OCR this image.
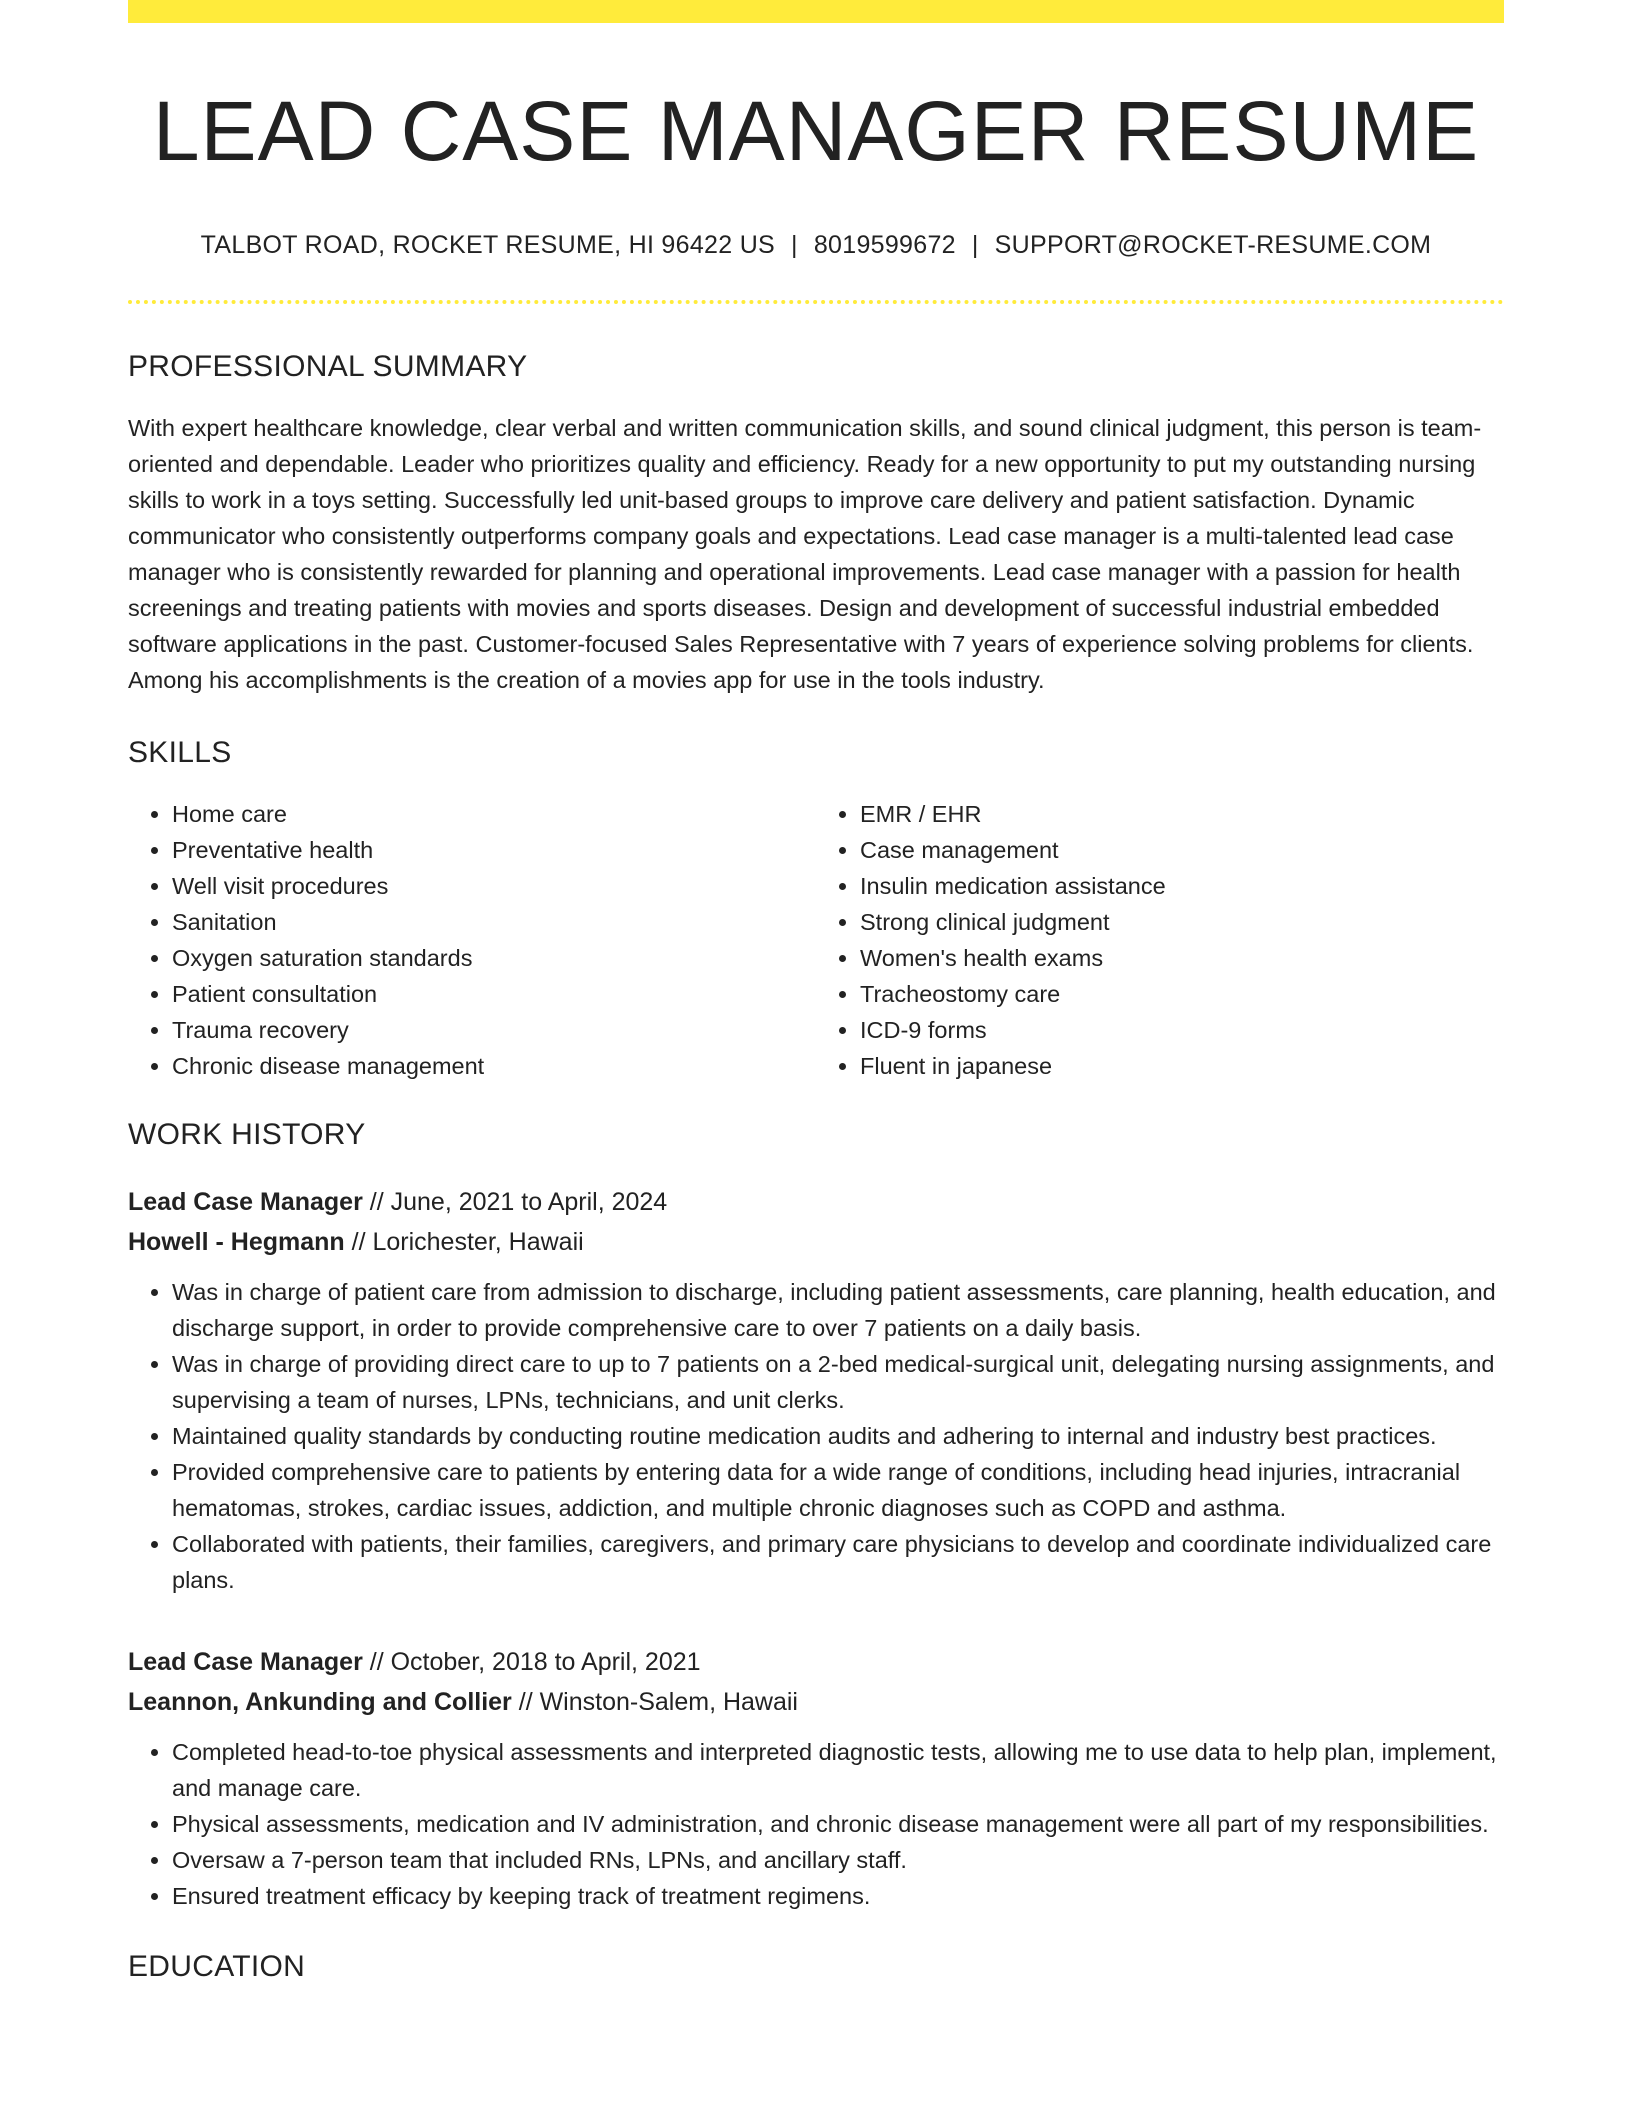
LEAD CASE MANAGER RESUME
TALBOT ROAD, ROCKET RESUME, HI 96422 US | 8019599672 | SUPPORT@ROCKET-RESUME.COM
PROFESSIONAL SUMMARY

With expert healthcare knowledge, clear verbal and written communication skills, and sound clinical judgment, this person is team-oriented and dependable. Leader who prioritizes quality and efficiency. Ready for a new opportunity to put my outstanding nursing skills to work in a toys setting. Successfully led unit-based groups to improve care delivery and patient satisfaction. Dynamic communicator who consistently outperforms company goals and expectations. Lead case manager is a multi-talented lead case manager who is consistently rewarded for planning and operational improvements. Lead case manager with a passion for health screenings and treating patients with movies and sports diseases. Design and development of successful industrial embedded software applications in the past. Customer-focused Sales Representative with 7 years of experience solving problems for clients. Among his accomplishments is the creation of a movies app for use in the tools industry.

SKILLS
• Home care
• Preventative health
• Well visit procedures
• Sanitation
• Oxygen saturation standards
• Patient consultation
• Trauma recovery
• Chronic disease management
• EMR / EHR
• Case management
• Insulin medication assistance
• Strong clinical judgment
• Women's health exams
• Tracheostomy care
• ICD-9 forms
• Fluent in japanese
WORK HISTORY

Lead Case Manager // June, 2021 to April, 2024

Howell - Hegmann // Lorichester, Hawaii

• Was in charge of patient care from admission to discharge, including patient assessments, care planning, health education, and discharge support, in order to provide comprehensive care to over 7 patients on a daily basis.
• Was in charge of providing direct care to up to 7 patients on a 2-bed medical-surgical unit, delegating nursing assignments, and supervising a team of nurses, LPNs, technicians, and unit clerks.
• Maintained quality standards by conducting routine medication audits and adhering to internal and industry best practices.
• Provided comprehensive care to patients by entering data for a wide range of conditions, including head injuries, intracranial hematomas, strokes, cardiac issues, addiction, and multiple chronic diagnoses such as COPD and asthma.
• Collaborated with patients, their families, caregivers, and primary care physicians to develop and coordinate individualized care plans.

Lead Case Manager // October, 2018 to April, 2021

Leannon, Ankunding and Collier // Winston-Salem, Hawaii

• Completed head-to-toe physical assessments and interpreted diagnostic tests, allowing me to use data to help plan, implement, and manage care.
• Physical assessments, medication and IV administration, and chronic disease management were all part of my responsibilities.
• Oversaw a 7-person team that included RNs, LPNs, and ancillary staff.
• Ensured treatment efficacy by keeping track of treatment regimens.
EDUCATION
